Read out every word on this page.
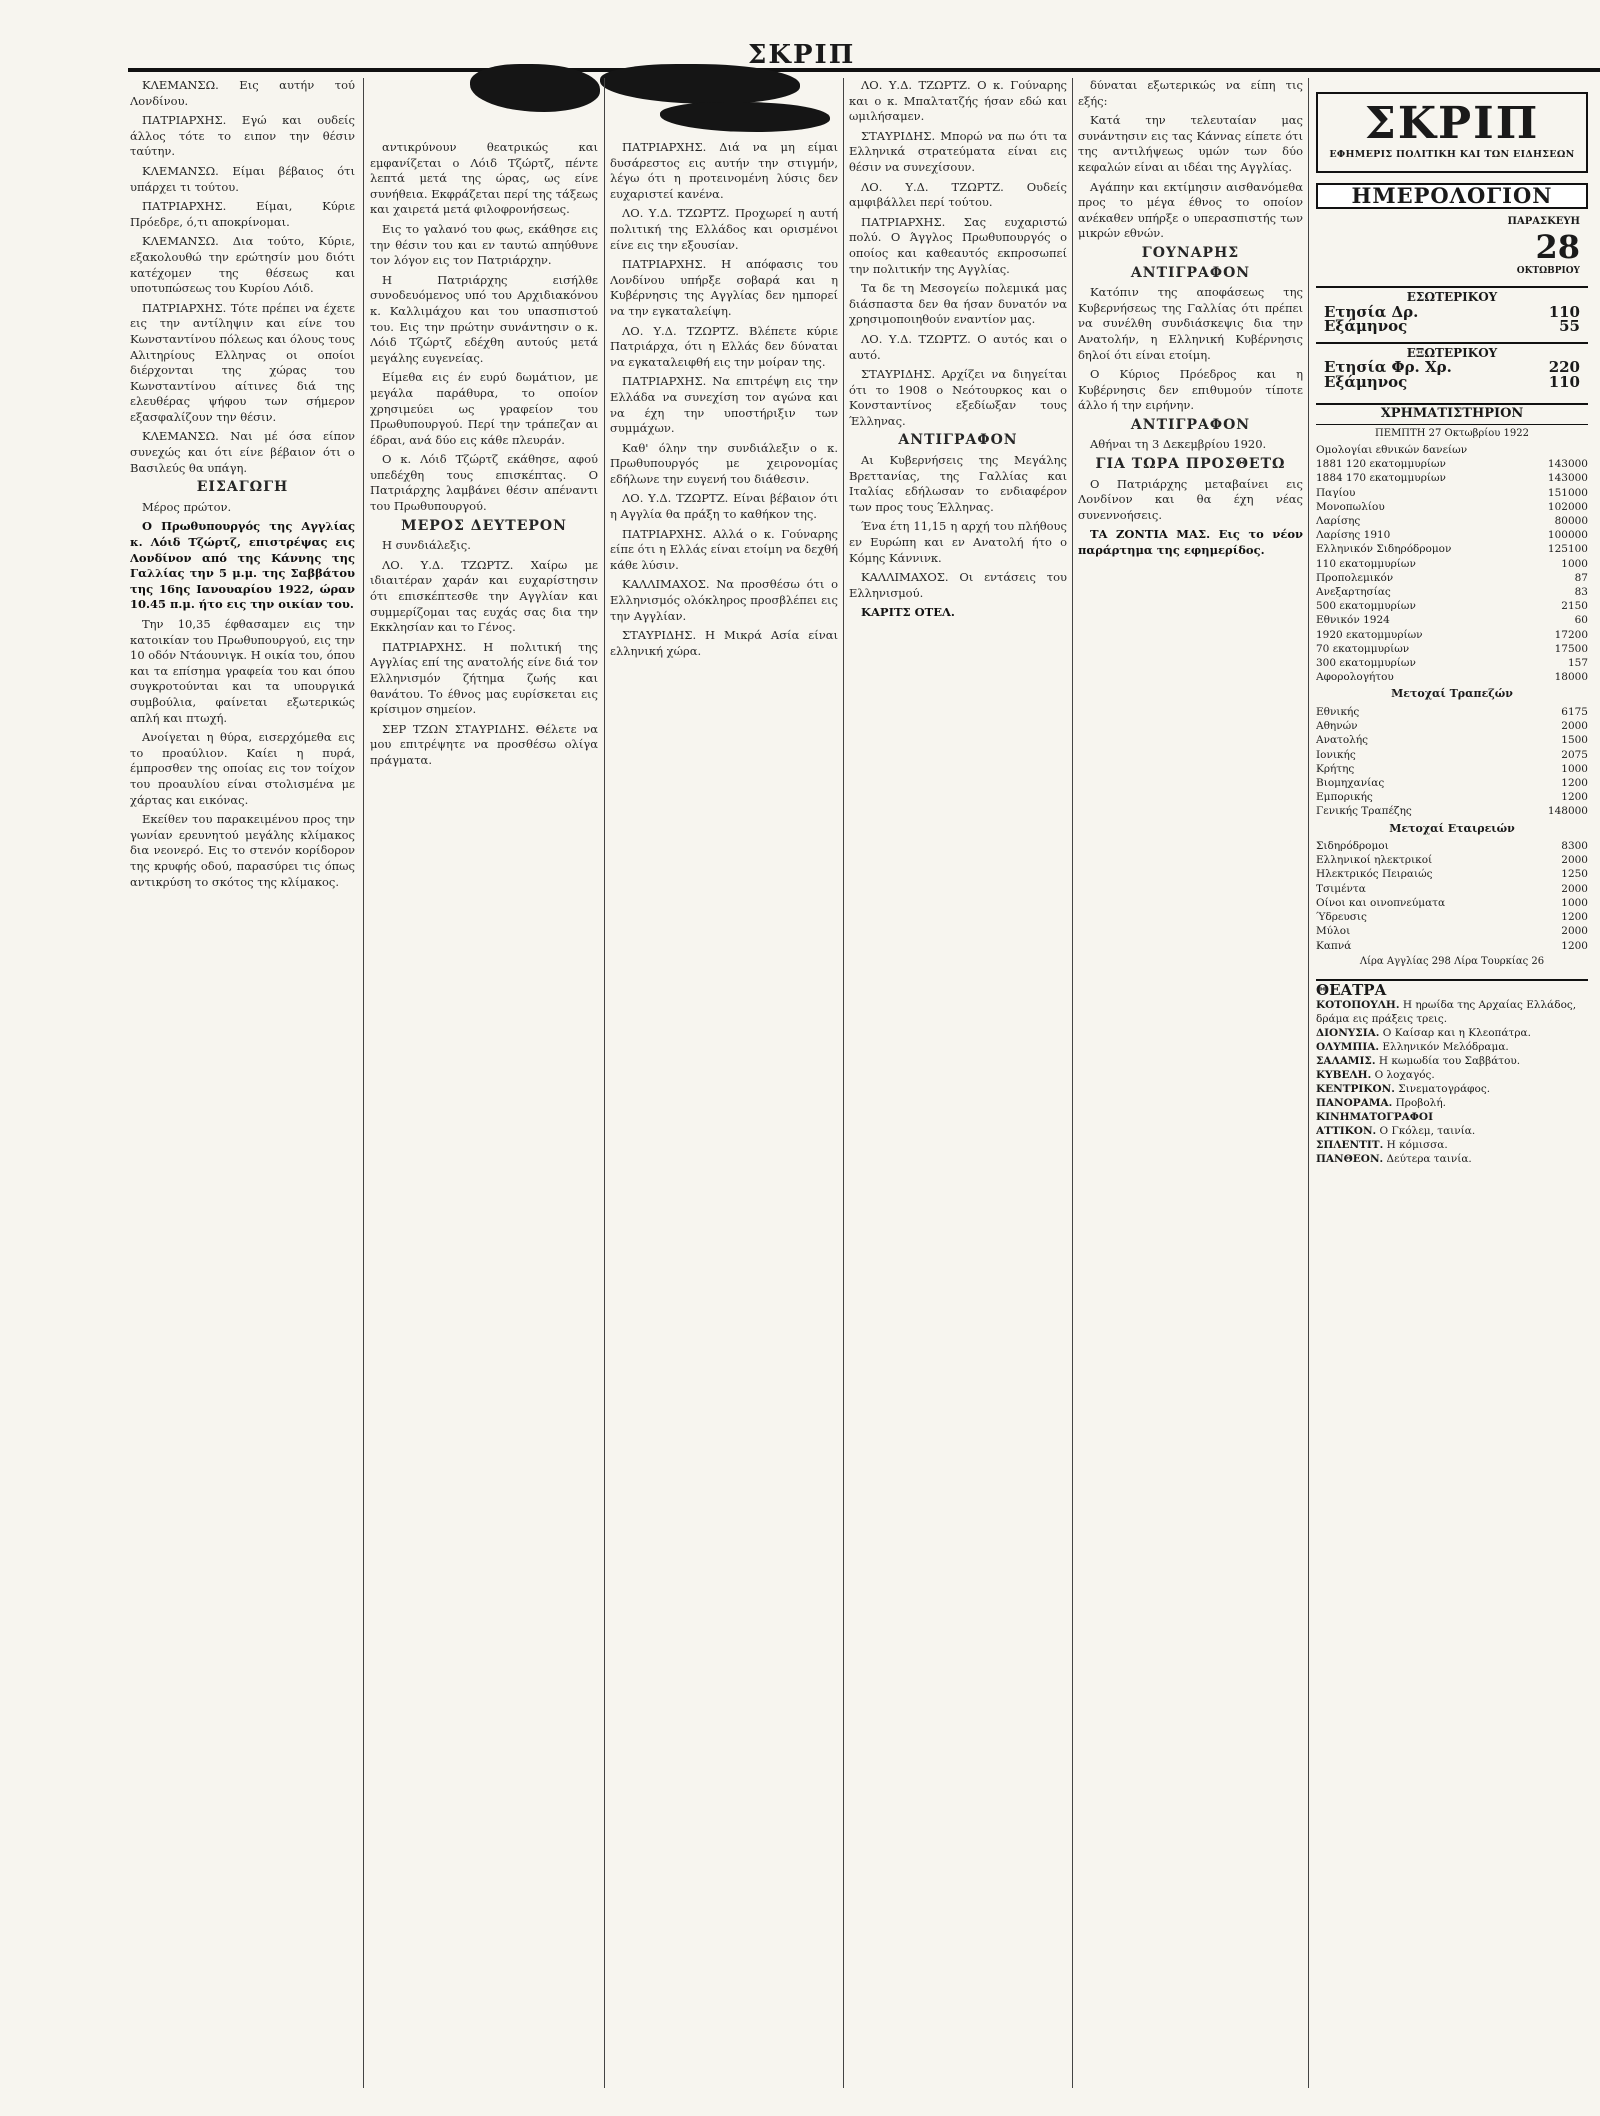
ΣΚΡΙΠ

ΚΛΕΜΑΝΣΩ. Εις αυτήν τού Λονδίνου.

ΠΑΤΡΙΑΡΧΗΣ. Εγώ και ουδείς άλλος τότε το ειπον την θέσιν ταύτην.

ΚΛΕΜΑΝΣΩ. Είμαι βέβαιος ότι υπάρχει τι τούτου.

ΠΑΤΡΙΑΡΧΗΣ. Είμαι, Κύριε Πρόεδρε, ό,τι αποκρίνομαι.

ΚΛΕΜΑΝΣΩ. Δια τούτο, Κύριε, εξακολουθώ την ερώτησίν μου διότι κατέχομεν της θέσεως και υποτυπώσεως του Κυρίου Λόιδ.

ΠΑΤΡΙΑΡΧΗΣ. Τότε πρέπει να έχετε εις την αντίληψιν και είνε του Κωνσταντίνου πόλεως και όλους τους Αλιτηρίους Ελληνας οι οποίοι διέρχονται της χώρας του Κωνσταντίνου αίτινες διά της ελευθέρας ψήφου των σήμερον εξασφαλίζουν την θέσιν.

ΚΛΕΜΑΝΣΩ. Ναι μέ όσα είπον συνεχώς και ότι είνε βέβαιον ότι ο Βασιλεύς θα υπάγη.

ΕΙΣΑΓΩΓΗ

Μέρος πρώτον.

Ο Πρωθυπουργός της Αγγλίας κ. Λόιδ Τζώρτζ, επιστρέψας εις Λονδίνον από της Κάννης της Γαλλίας την 5 μ.μ. της Σαββάτου της 16ης Ιανουαρίου 1922, ώραν 10.45 π.μ. ήτο εις την οικίαν του.

Την 10,35 έφθασαμεν εις την κατοικίαν του Πρωθυπουργού, εις την 10 οδόν Ντάουνιγκ. Η οικία του, όπου και τα επίσημα γραφεία του και όπου συγκροτούνται και τα υπουργικά συμβούλια, φαίνεται εξωτερικώς απλή και πτωχή.

Ανοίγεται η θύρα, εισερχόμεθα εις το προαύλιον. Καίει η πυρά, έμπροσθεν της οποίας εις τον τοίχον του προαυλίου είναι στολισμένα με χάρτας και εικόνας.

Εκείθεν του παρακειμένου προς την γωνίαν ερευνητού μεγάλης κλίμακος δια νεονερό. Εις το στενόν κορίδορον της κρυφής οδού, παρασύρει τις όπως αντικρύση το σκότος της κλίμακος.

αντικρύνουν θεατρικώς και εμφανίζεται ο Λόιδ Τζώρτζ, πέντε λεπτά μετά της ώρας, ως είνε συνήθεια. Εκφράζεται περί της τάξεως και χαιρετά μετά φιλοφρονήσεως.

Εις το γαλανό του φως, εκάθησε εις την θέσιν του και εν ταυτώ απηύθυνε τον λόγον εις τον Πατριάρχην.

Η Πατριάρχης εισήλθε συνοδευόμενος υπό του Αρχιδιακόνου κ. Καλλιμάχου και του υπασπιστού του. Εις την πρώτην συνάντησιν ο κ. Λόιδ Τζώρτζ εδέχθη αυτούς μετά μεγάλης ευγενείας.

Είμεθα εις έν ευρύ δωμάτιον, με μεγάλα παράθυρα, το οποίον χρησιμεύει ως γραφείον του Πρωθυπουργού. Περί την τράπεζαν αι έδραι, ανά δύο εις κάθε πλευράν.

Ο κ. Λόιδ Τζώρτζ εκάθησε, αφού υπεδέχθη τους επισκέπτας. Ο Πατριάρχης λαμβάνει θέσιν απέναντι του Πρωθυπουργού.

ΜΕΡΟΣ ΔΕΥΤΕΡΟΝ

Η συνδιάλεξις.

ΛΟ. Υ.Δ. ΤΖΩΡΤΖ. Χαίρω με ιδιαιτέραν χαράν και ευχαρίστησιν ότι επισκέπτεσθε την Αγγλίαν και συμμερίζομαι τας ευχάς σας δια την Εκκλησίαν και το Γένος.

ΠΑΤΡΙΑΡΧΗΣ. Η πολιτική της Αγγλίας επί της ανατολής είνε διά τον Ελληνισμόν ζήτημα ζωής και θανάτου. Το έθνος μας ευρίσκεται εις κρίσιμον σημείον.

ΣΕΡ ΤΖΩΝ ΣΤΑΥΡΙΔΗΣ. Θέλετε να μου επιτρέψητε να προσθέσω ολίγα πράγματα.

ΠΑΤΡΙΑΡΧΗΣ. Διά να μη είμαι δυσάρεστος εις αυτήν την στιγμήν, λέγω ότι η προτεινομένη λύσις δεν ευχαριστεί κανένα.

ΛΟ. Υ.Δ. ΤΖΩΡΤΖ. Προχωρεί η αυτή πολιτική της Ελλάδος και ορισμένοι είνε εις την εξουσίαν.

ΠΑΤΡΙΑΡΧΗΣ. Η απόφασις του Λονδίνου υπήρξε σοβαρά και η Κυβέρνησις της Αγγλίας δεν ημπορεί να την εγκαταλείψη.

ΛΟ. Υ.Δ. ΤΖΩΡΤΖ. Βλέπετε κύριε Πατριάρχα, ότι η Ελλάς δεν δύναται να εγκαταλειφθή εις την μοίραν της.

ΠΑΤΡΙΑΡΧΗΣ. Να επιτρέψη εις την Ελλάδα να συνεχίση τον αγώνα και να έχη την υποστήριξιν των συμμάχων.

Καθ' όλην την συνδιάλεξιν ο κ. Πρωθυπουργός με χειρονομίας εδήλωνε την ευγενή του διάθεσιν.

ΛΟ. Υ.Δ. ΤΖΩΡΤΖ. Είναι βέβαιον ότι η Αγγλία θα πράξη το καθήκον της.

ΠΑΤΡΙΑΡΧΗΣ. Αλλά ο κ. Γούναρης είπε ότι η Ελλάς είναι ετοίμη να δεχθή κάθε λύσιν.

ΚΑΛΛΙΜΑΧΟΣ. Να προσθέσω ότι ο Ελληνισμός ολόκληρος προσβλέπει εις την Αγγλίαν.

ΣΤΑΥΡΙΔΗΣ. Η Μικρά Ασία είναι ελληνική χώρα.

ΛΟ. Υ.Δ. ΤΖΩΡΤΖ. Ο κ. Γούναρης και ο κ. Μπαλτατζής ήσαν εδώ και ωμιλήσαμεν.

ΣΤΑΥΡΙΔΗΣ. Μπορώ να πω ότι τα Ελληνικά στρατεύματα είναι εις θέσιν να συνεχίσουν.

ΛΟ. Υ.Δ. ΤΖΩΡΤΖ. Ουδείς αμφιβάλλει περί τούτου.

ΠΑΤΡΙΑΡΧΗΣ. Σας ευχαριστώ πολύ. Ο Άγγλος Πρωθυπουργός ο οποίος και καθεαυτός εκπροσωπεί την πολιτικήν της Αγγλίας.

Τα δε τη Μεσογείω πολεμικά μας διάσπαστα δεν θα ήσαν δυνατόν να χρησιμοποιηθούν εναντίον μας.

ΛΟ. Υ.Δ. ΤΖΩΡΤΖ. Ο αυτός και ο αυτό.

ΣΤΑΥΡΙΔΗΣ. Αρχίζει να διηγείται ότι το 1908 ο Νεότουρκος και ο Κονσταντίνος εξεδίωξαν τους Έλληνας.

ΑΝΤΙΓΡΑΦΟΝ

Αι Κυβερνήσεις της Μεγάλης Βρεττανίας, της Γαλλίας και Ιταλίας εδήλωσαν το ενδιαφέρον των προς τους Έλληνας.

Ένα έτη 11,15 η αρχή του πλήθους εν Ευρώπη και εν Ανατολή ήτο ο Κόμης Κάννινκ.

ΚΑΛΛΙΜΑΧΟΣ. Οι εντάσεις του Ελληνισμού.

ΚΑΡΙΤΣ ΟΤΕΛ.

δύναται εξωτερικώς να είπη τις εξής:

Κατά την τελευταίαν μας συνάντησιν εις τας Κάννας είπετε ότι της αντιλήψεως υμών των δύο κεφαλών είναι αι ιδέαι της Αγγλίας.

Αγάπην και εκτίμησιν αισθανόμεθα προς το μέγα έθνος το οποίον ανέκαθεν υπήρξε ο υπερασπιστής των μικρών εθνών.

ΓΟΥΝΑΡΗΣ

ΑΝΤΙΓΡΑΦΟΝ

Κατόπιν της αποφάσεως της Κυβερνήσεως της Γαλλίας ότι πρέπει να συνέλθη συνδιάσκεψις δια την Ανατολήν, η Ελληνική Κυβέρνησις δηλοί ότι είναι ετοίμη.

Ο Κύριος Πρόεδρος και η Κυβέρνησις δεν επιθυμούν τίποτε άλλο ή την ειρήνην.

ΑΝΤΙΓΡΑΦΟΝ

Αθήναι τη 3 Δεκεμβρίου 1920.

ΓΙΑ ΤΩΡΑ ΠΡΟΣΘΕΤΩ

Ο Πατριάρχης μεταβαίνει εις Λονδίνον και θα έχη νέας συνεννοήσεις.

ΤΑ ΖΟΝΤΙΑ ΜΑΣ. Εις το νέον παράρτημα της εφημερίδος.

ΣΚΡΙΠ
ΕΦΗΜΕΡΙΣ ΠΟΛΙΤΙΚΗ ΚΑΙ ΤΩΝ ΕΙΔΗΣΕΩΝ
ΗΜΕΡΟΛΟΓΙΟΝ
ΠΑΡΑΣΚΕΥΗ
28
ΟΚΤΩΒΡΙΟΥ
ΕΣΩΤΕΡΙΚΟΥ
Ετησία Δρ.	110
Εξάμηνος	55
ΕΞΩΤΕΡΙΚΟΥ
Ετησία Φρ. Χρ.	220
Εξάμηνος	110
ΧΡΗΜΑΤΙΣΤΗΡΙΟΝ
ΠΕΜΠΤΗ 27 Οκτωβρίου 1922
Ομολογίαι εθνικών δανείων
1881 120 εκατομμυρίων	143000
1884 170 εκατομμυρίων	143000
Παγίου	151000
Μονοπωλίου	102000
Λαρίσης	80000
Λαρίσης 1910	100000
Ελληνικόν Σιδηρόδρομον	125100
110 εκατομμυρίων	1000
Προπολεμικόν	87
Ανεξαρτησίας	83
500 εκατομμυρίων	2150
Εθνικόν 1924	60
1920 εκατομμυρίων	17200
70 εκατομμυρίων	17500
300 εκατομμυρίων	157
Αφορολογήτου	18000
Μετοχαί Τραπεζών
Εθνικής	6175
Αθηνών	2000
Ανατολής	1500
Ιονικής	2075
Κρήτης	1000
Βιομηχανίας	1200
Εμπορικής	1200
Γενικής Τραπέζης	148000
Μετοχαί Εταιρειών
Σιδηρόδρομοι	8300
Ελληνικοί ηλεκτρικοί	2000
Ηλεκτρικός Πειραιώς	1250
Τσιμέντα	2000
Οίνοι και οινοπνεύματα	1000
Ύδρευσις	1200
Μύλοι	2000
Καπνά	1200
Λίρα Αγγλίας 298 Λίρα Τουρκίας 26
ΘΕΑΤΡΑ
ΚΟΤΟΠΟΥΛΗ. Η ηρωίδα της Αρχαίας Ελλάδος, δράμα εις πράξεις τρεις.
ΔΙΟΝΥΣΙΑ. Ο Καίσαρ και η Κλεοπάτρα.
ΟΛΥΜΠΙΑ. Ελληνικόν Μελόδραμα.
ΣΑΛΑΜΙΣ. Η κωμωδία του Σαββάτου.
ΚΥΒΕΛΗ. Ο λοχαγός.
ΚΕΝΤΡΙΚΟΝ. Σινεματογράφος.
ΠΑΝΟΡΑΜΑ. Προβολή.
ΚΙΝΗΜΑΤΟΓΡΑΦΟΙ
ΑΤΤΙΚΟΝ. Ο Γκόλεμ, ταινία.
ΣΠΛΕΝΤΙΤ. Η κόμισσα.
ΠΑΝΘΕΟΝ. Δεύτερα ταινία.
